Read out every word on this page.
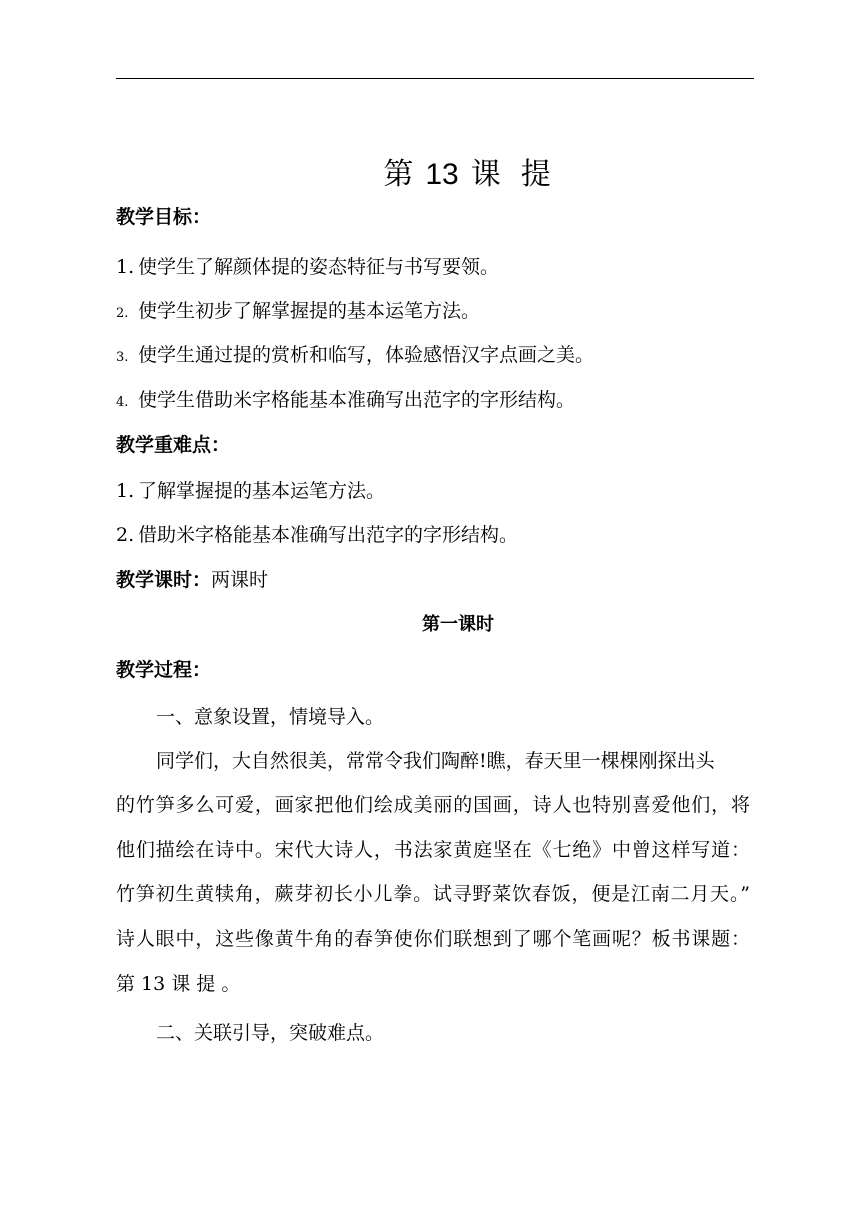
第 13 课 提
教学目标：
1. 使学生了解颜体提的姿态特征与书写要领。
2. 使学生初步了解掌握提的基本运笔方法。
3. 使学生通过提的赏析和临写，体验感悟汉字点画之美。
4. 使学生借助米字格能基本准确写出范字的字形结构。
教学重难点：
1. 了解掌握提的基本运笔方法。
2. 借助米字格能基本准确写出范字的字形结构。
教学课时：两课时
第一课时
教学过程：
一、意象设置，情境导入。
同学们，大自然很美，常常令我们陶醉!瞧，春天里一棵棵刚探出头
的竹笋多么可爱，画家把他们绘成美丽的国画，诗人也特别喜爱他们，将
他们描绘在诗中。宋代大诗人，书法家黄庭坚在《七绝》中曾这样写道：
竹笋初生黄犊角，蕨芽初长小儿拳。试寻野菜饮春饭，便是江南二月天。”
诗人眼中，这些像黄牛角的春笋使你们联想到了哪个笔画呢？板书课题：
第 13 课 提 。
二、关联引导，突破难点。
